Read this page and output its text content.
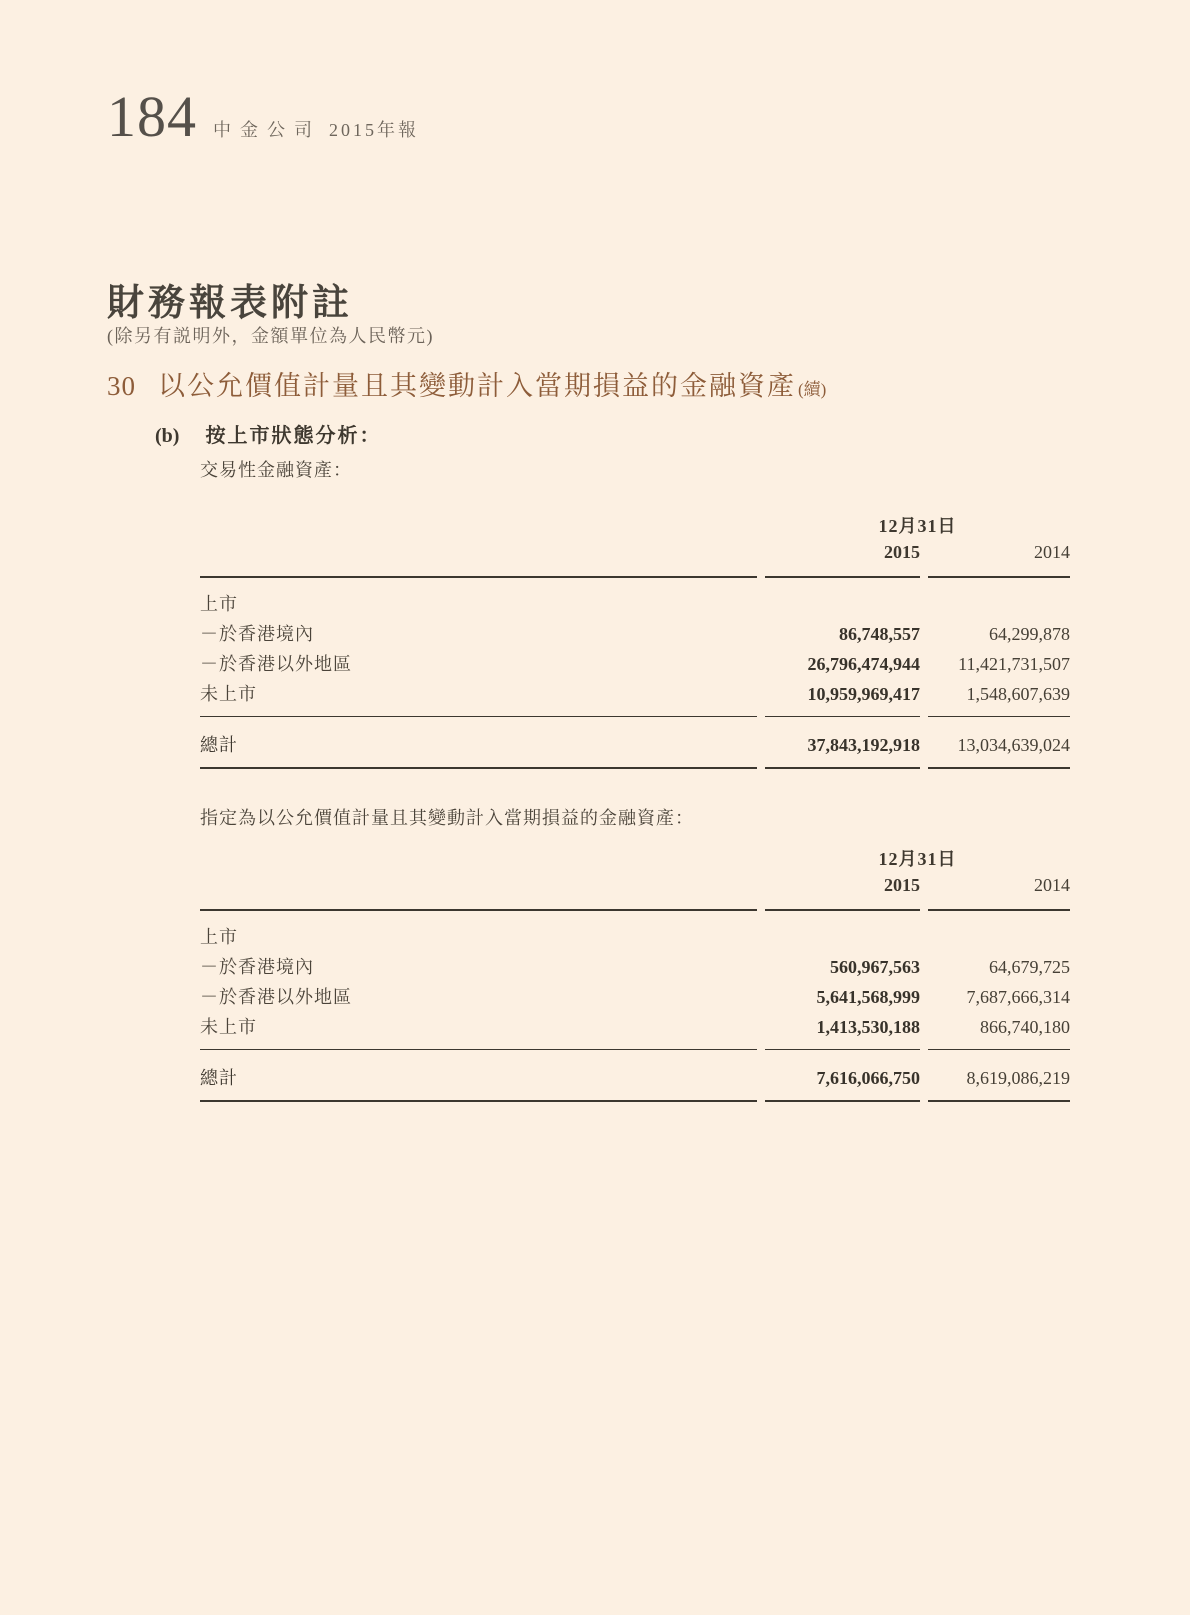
184 中金公司 2015年報
財務報表附註
(除另有説明外，金額單位為人民幣元)
30 以公允價值計量且其變動計入當期損益的金融資產 (續)
(b) 按上市狀態分析：
交易性金融資產：
12月31日
2015	2014
上市
－於香港境內	86,748,557	64,299,878
－於香港以外地區	26,796,474,944	11,421,731,507
未上市	10,959,969,417	1,548,607,639
總計	37,843,192,918	13,034,639,024
指定為以公允價值計量且其變動計入當期損益的金融資產：
12月31日
2015	2014
上市
－於香港境內	560,967,563	64,679,725
－於香港以外地區	5,641,568,999	7,687,666,314
未上市	1,413,530,188	866,740,180
總計	7,616,066,750	8,619,086,219
